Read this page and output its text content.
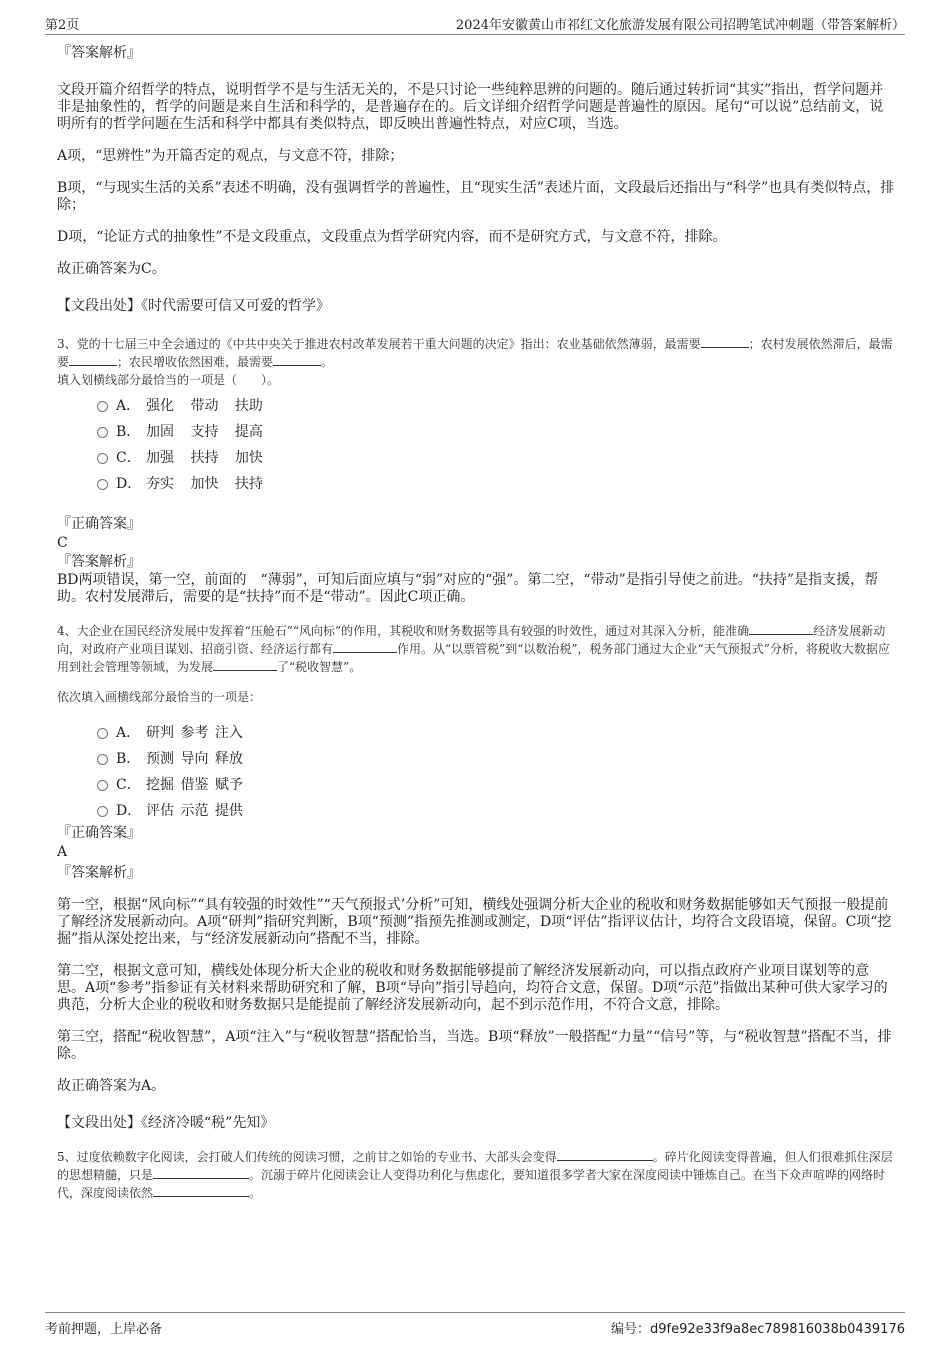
第2页	2024年安徽黄山市祁红文化旅游发展有限公司招聘笔试冲刺题（带答案解析）

『答案解析』

文段开篇介绍哲学的特点，说明哲学不是与生活无关的，不是只讨论一些纯粹思辨的问题的。随后通过转折词“其实”指出，哲学问题并非是抽象性的，哲学的问题是来自生活和科学的，是普遍存在的。后文详细介绍哲学问题是普遍性的原因。尾句“可以说”总结前文，说明所有的哲学问题在生活和科学中都具有类似特点，即反映出普遍性特点，对应C项，当选。

A项，“思辨性”为开篇否定的观点，与文意不符，排除；

B项，“与现实生活的关系”表述不明确，没有强调哲学的普遍性，且“现实生活”表述片面，文段最后还指出与“科学”也具有类似特点，排除；

D项，“论证方式的抽象性”不是文段重点，文段重点为哲学研究内容，而不是研究方式，与文意不符，排除。

故正确答案为C。

【文段出处】《时代需要可信又可爱的哲学》

3、党的十七届三中全会通过的《中共中央关于推进农村改革发展若干重大问题的决定》指出：农业基础依然薄弱，最需要	；农村发展依然滞后，最需要	；农民增收依然困难，最需要	。

填入划横线部分最恰当的一项是（　　）。

A． 强化 带动 扶助
B． 加固 支持 提高
C． 加强 扶持 加快
D． 夯实 加快 扶持

『正确答案』

C

『答案解析』

BD两项错误，第一空，前面的　“薄弱”，可知后面应填与“弱”对应的“强”。第二空，“带动”是指引导使之前进。“扶持”是指支援，帮助。农村发展滞后，需要的是“扶持”而不是“带动”。因此C项正确。

4、大企业在国民经济发展中发挥着“压舱石”“风向标”的作用，其税收和财务数据等具有较强的时效性，通过对其深入分析，能准确	经济发展新动向，对政府产业项目谋划、招商引资、经济运行都有	作用。从“以票管税”到“以数治税”，税务部门通过大企业“天气预报式”分析，将税收大数据应用到社会管理等领域，为发展	了“税收智慧”。

依次填入画横线部分最恰当的一项是：

A． 研判 参考 注入
B． 预测 导向 释放
C． 挖掘 借鉴 赋予
D． 评估 示范 提供

『正确答案』

A

『答案解析』

第一空，根据“风向标”“具有较强的时效性”“天气预报式’分析”可知，横线处强调分析大企业的税收和财务数据能够如天气预报一般提前了解经济发展新动向。A项“研判”指研究判断，B项“预测”指预先推测或测定，D项“评估”指评议估计，均符合文段语境，保留。C项“挖掘”指从深处挖出来，与“经济发展新动向”搭配不当，排除。

第二空，根据文意可知，横线处体现分析大企业的税收和财务数据能够提前了解经济发展新动向，可以指点政府产业项目谋划等的意思。A项“参考”指参证有关材料来帮助研究和了解，B项“导向”指引导趋向，均符合文意，保留。D项“示范”指做出某种可供大家学习的典范，分析大企业的税收和财务数据只是能提前了解经济发展新动向，起不到示范作用，不符合文意，排除。

第三空，搭配“税收智慧”，A项“注入”与“税收智慧”搭配恰当，当选。B项“释放”一般搭配“力量”“信号”等，与“税收智慧”搭配不当，排除。

故正确答案为A。

【文段出处】《经济冷暖“税”先知》

5、过度依赖数字化阅读，会打破人们传统的阅读习惯，之前甘之如饴的专业书、大部头会变得	。碎片化阅读变得普遍，但人们很难抓住深层的思想精髓，只是	。沉溺于碎片化阅读会让人变得功利化与焦虑化，要知道很多学者大家在深度阅读中锤炼自己。在当下众声喧哗的网络时代，深度阅读依然	。

考前押题，上岸必备	编号：d9fe92e33f9a8ec789816038b0439176
